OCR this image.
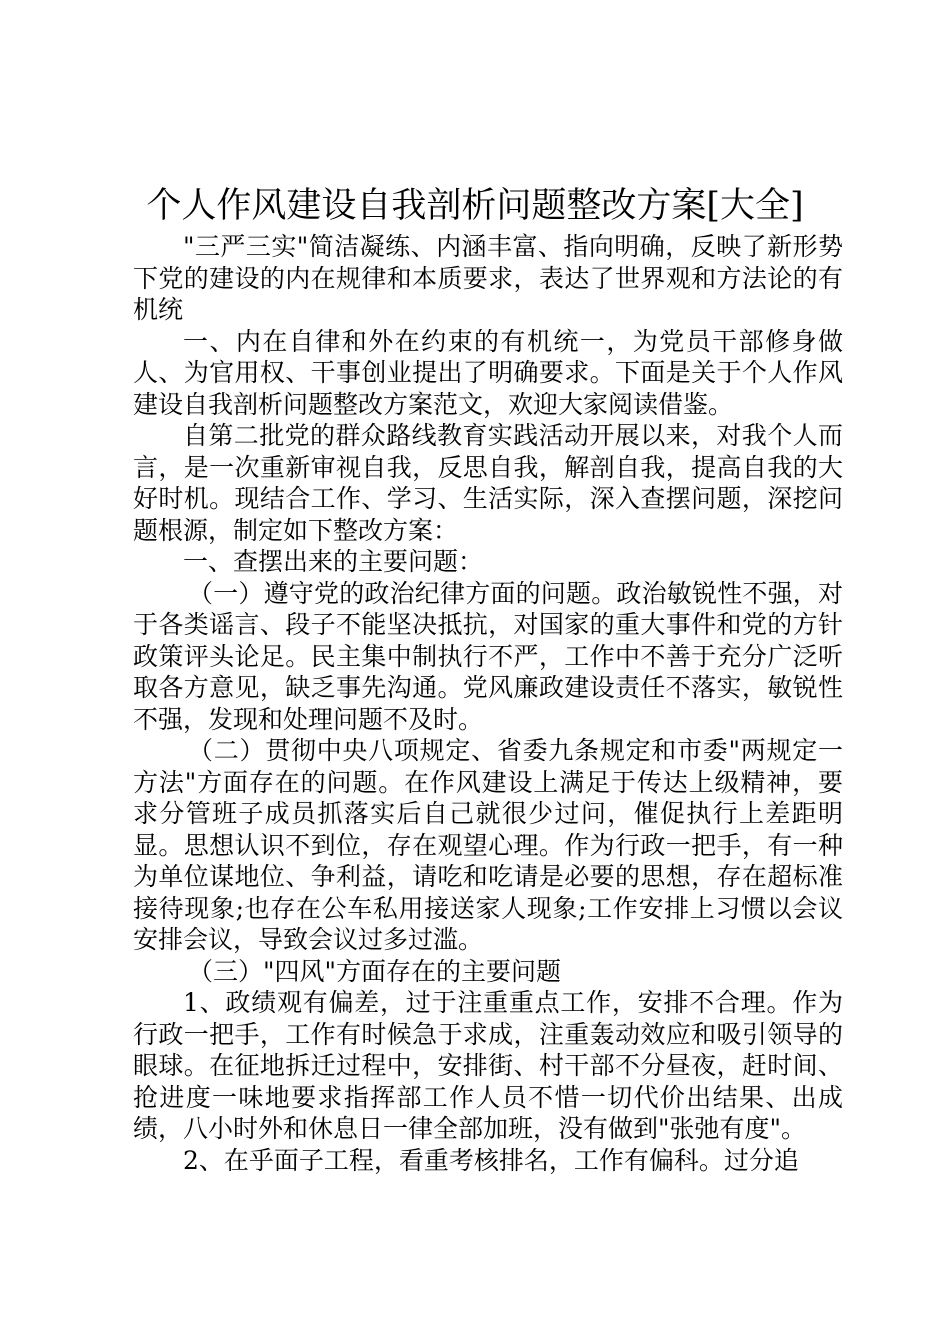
个人作风建设自我剖析问题整改方案[大全]

"三严三实"简洁凝练、内涵丰富、指向明确，反映了新形势下党的建设的内在规律和本质要求，表达了世界观和方法论的有机统

一、内在自律和外在约束的有机统一，为党员干部修身做人、为官用权、干事创业提出了明确要求。下面是关于个人作风建设自我剖析问题整改方案范文，欢迎大家阅读借鉴。

自第二批党的群众路线教育实践活动开展以来，对我个人而言，是一次重新审视自我，反思自我，解剖自我，提高自我的大好时机。现结合工作、学习、生活实际，深入查摆问题，深挖问题根源，制定如下整改方案：

一、查摆出来的主要问题：

（一）遵守党的政治纪律方面的问题。政治敏锐性不强，对于各类谣言、段子不能坚决抵抗，对国家的重大事件和党的方针政策评头论足。民主集中制执行不严，工作中不善于充分广泛听取各方意见，缺乏事先沟通。党风廉政建设责任不落实，敏锐性不强，发现和处理问题不及时。

（二）贯彻中央八项规定、省委九条规定和市委"两规定一方法"方面存在的问题。在作风建设上满足于传达上级精神，要求分管班子成员抓落实后自己就很少过问，催促执行上差距明显。思想认识不到位，存在观望心理。作为行政一把手，有一种为单位谋地位、争利益，请吃和吃请是必要的思想，存在超标准接待现象;也存在公车私用接送家人现象;工作安排上习惯以会议安排会议，导致会议过多过滥。

（三）"四风"方面存在的主要问题

1、政绩观有偏差，过于注重重点工作，安排不合理。作为行政一把手，工作有时候急于求成，注重轰动效应和吸引领导的眼球。在征地拆迁过程中，安排街、村干部不分昼夜，赶时间、抢进度一味地要求指挥部工作人员不惜一切代价出结果、出成绩，八小时外和休息日一律全部加班，没有做到"张弛有度"。

2、在乎面子工程，看重考核排名，工作有偏科。过分追
